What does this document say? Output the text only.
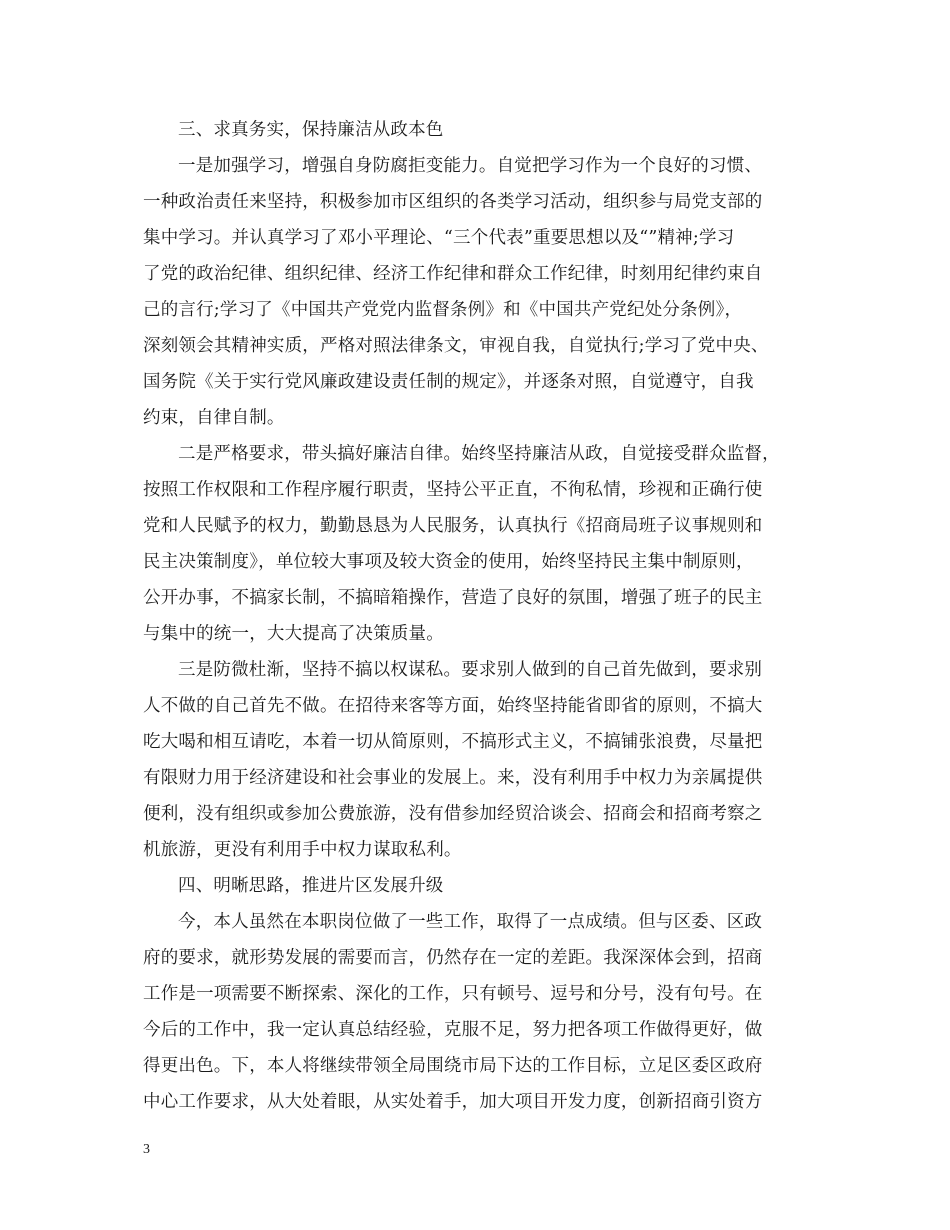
三、求真务实，保持廉洁从政本色
一是加强学习，增强自身防腐拒变能力。自觉把学习作为一个良好的习惯、
一种政治责任来坚持，积极参加市区组织的各类学习活动，组织参与局党支部的
集中学习。并认真学习了邓小平理论、“三个代表”重要思想以及“”精神;学习
了党的政治纪律、组织纪律、经济工作纪律和群众工作纪律，时刻用纪律约束自
己的言行;学习了《中国共产党党内监督条例》和《中国共产党纪处分条例》，
深刻领会其精神实质，严格对照法律条文，审视自我，自觉执行;学习了党中央、
国务院《关于实行党风廉政建设责任制的规定》，并逐条对照，自觉遵守，自我
约束，自律自制。
二是严格要求，带头搞好廉洁自律。始终坚持廉洁从政，自觉接受群众监督，
按照工作权限和工作程序履行职责，坚持公平正直，不徇私情，珍视和正确行使
党和人民赋予的权力，勤勤恳恳为人民服务，认真执行《招商局班子议事规则和
民主决策制度》，单位较大事项及较大资金的使用，始终坚持民主集中制原则，
公开办事，不搞家长制，不搞暗箱操作，营造了良好的氛围，增强了班子的民主
与集中的统一，大大提高了决策质量。
三是防微杜渐，坚持不搞以权谋私。要求别人做到的自己首先做到，要求别
人不做的自己首先不做。在招待来客等方面，始终坚持能省即省的原则，不搞大
吃大喝和相互请吃，本着一切从简原则，不搞形式主义，不搞铺张浪费，尽量把
有限财力用于经济建设和社会事业的发展上。来，没有利用手中权力为亲属提供
便利，没有组织或参加公费旅游，没有借参加经贸洽谈会、招商会和招商考察之
机旅游，更没有利用手中权力谋取私利。
四、明晰思路，推进片区发展升级
今，本人虽然在本职岗位做了一些工作，取得了一点成绩。但与区委、区政
府的要求，就形势发展的需要而言，仍然存在一定的差距。我深深体会到，招商
工作是一项需要不断探索、深化的工作，只有顿号、逗号和分号，没有句号。在
今后的工作中，我一定认真总结经验，克服不足，努力把各项工作做得更好，做
得更出色。下，本人将继续带领全局围绕市局下达的工作目标，立足区委区政府
中心工作要求，从大处着眼，从实处着手，加大项目开发力度，创新招商引资方
3
